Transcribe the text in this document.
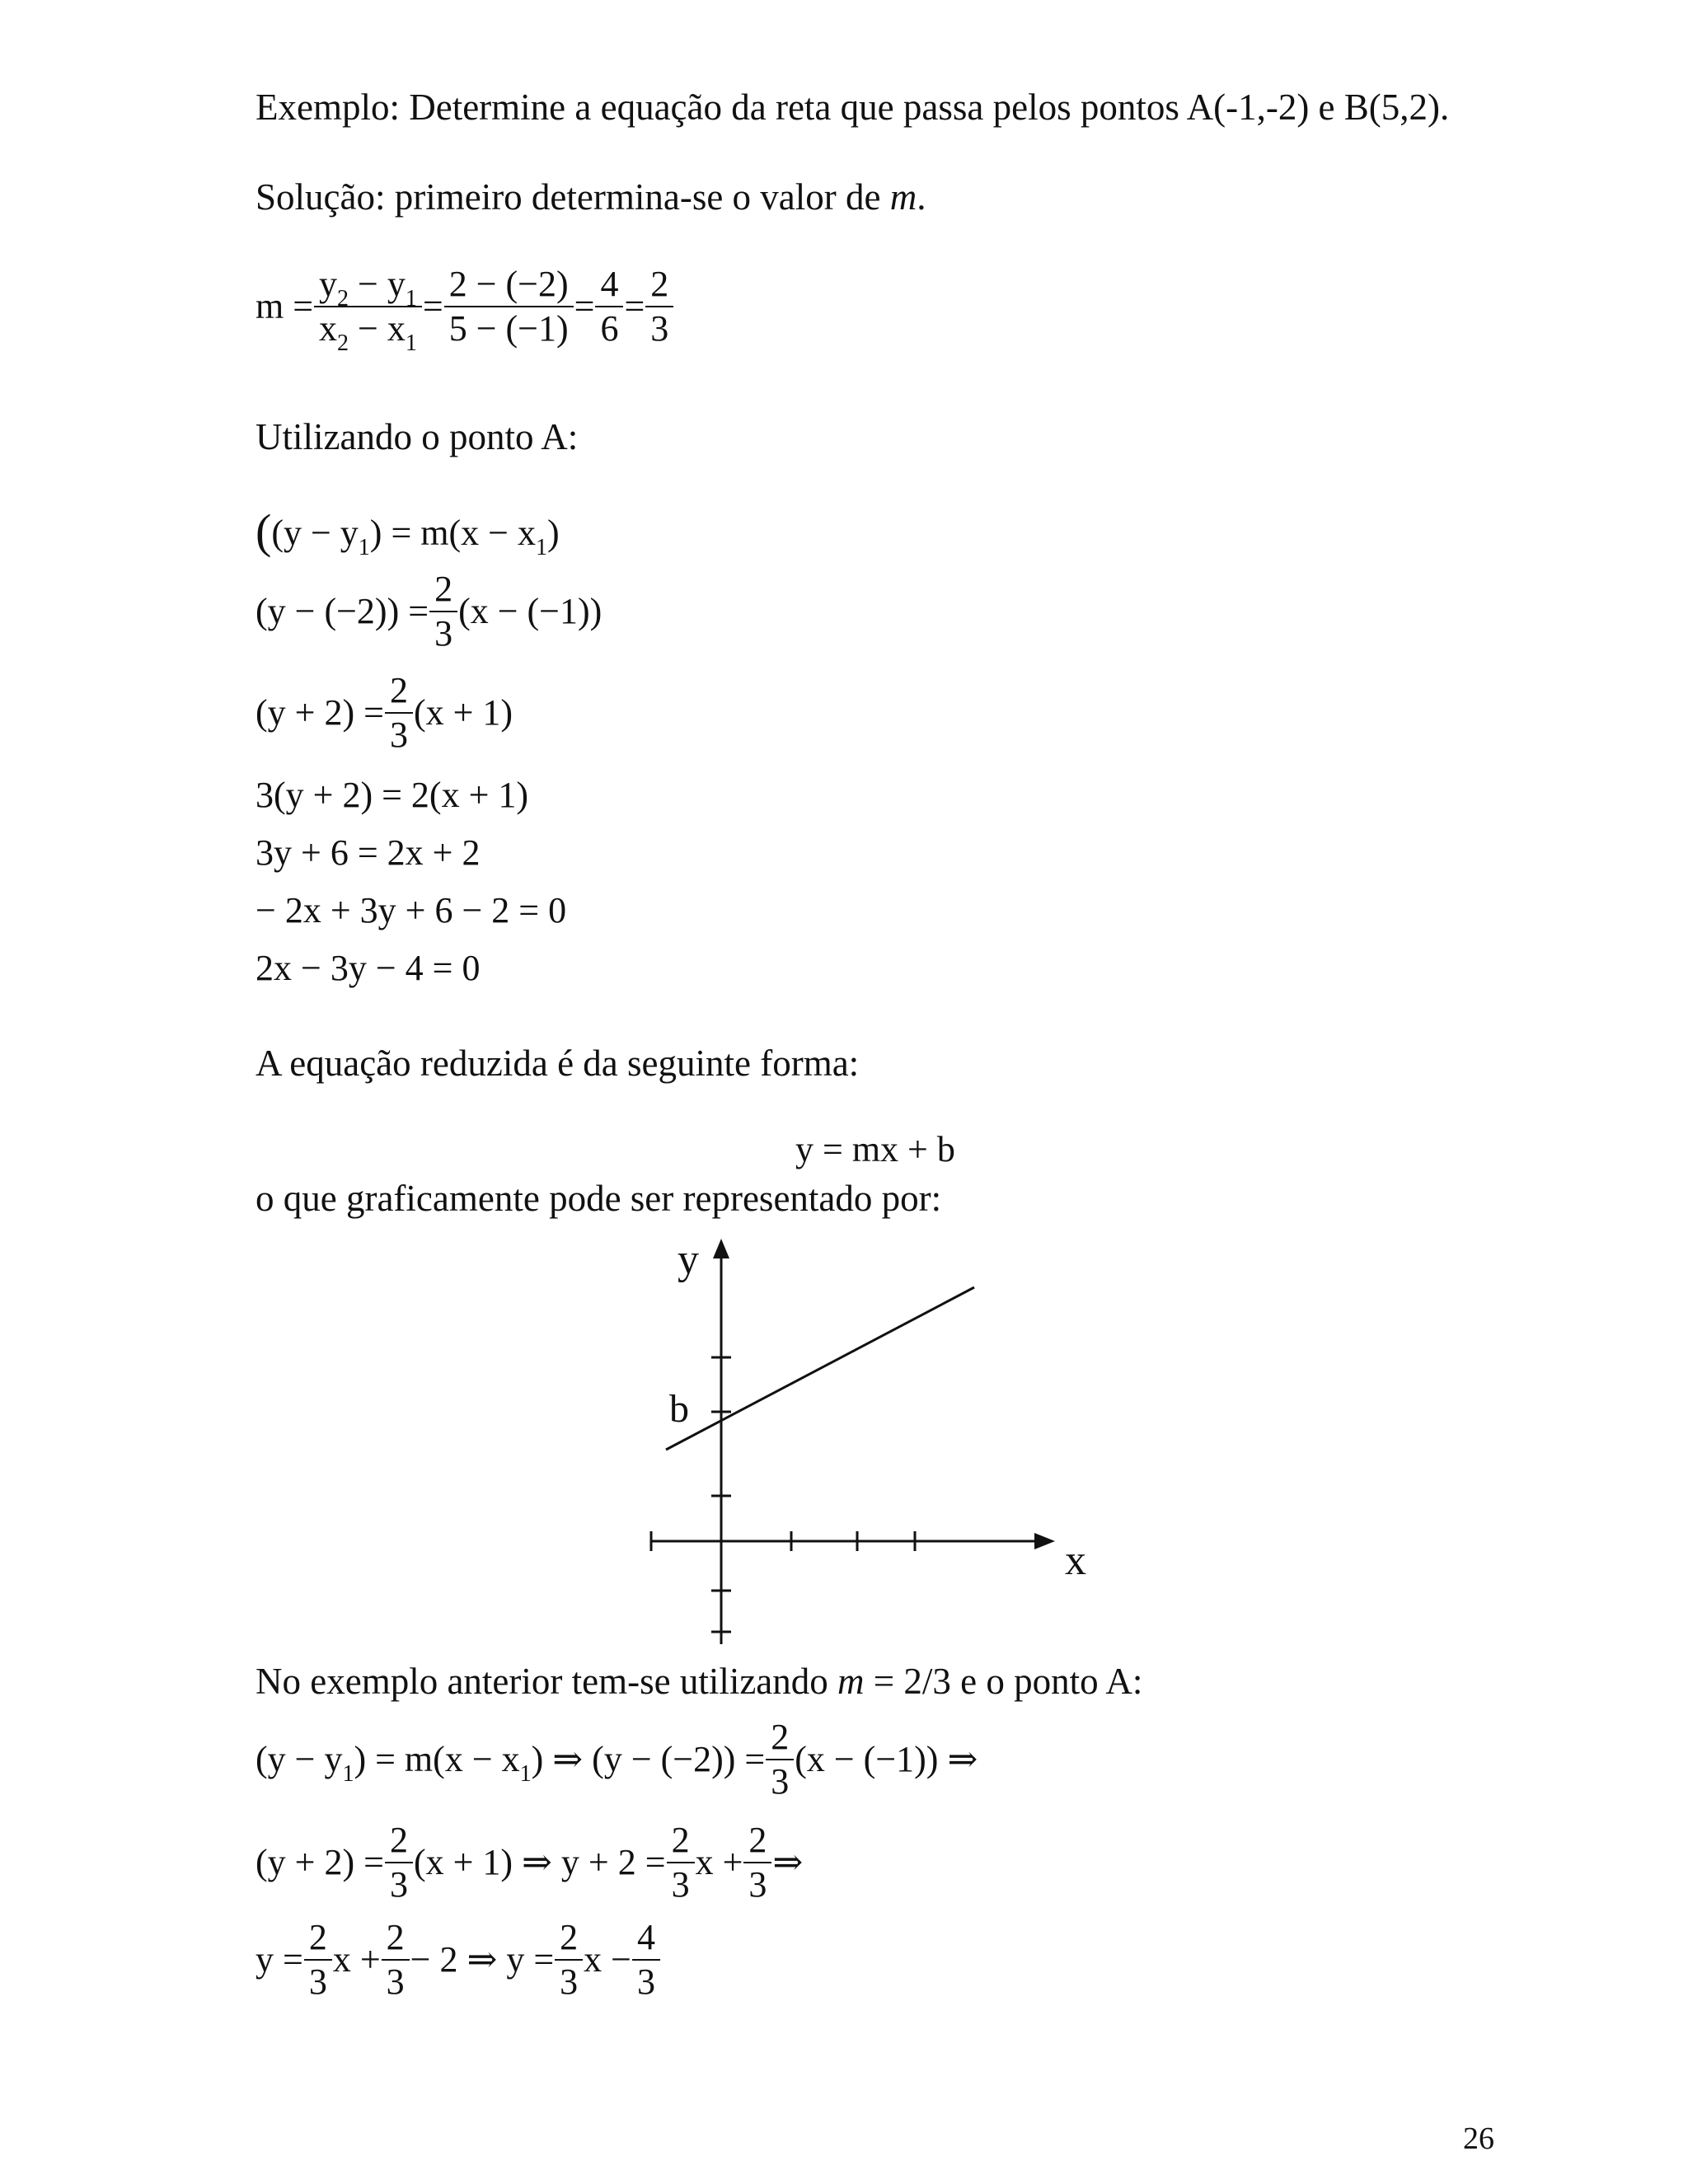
Exemplo: Determine a equação da reta que passa pelos pontos A(-1,-2) e B(5,2).
Solução: primeiro determina-se o valor de m.
$m = \frac{y_2 - y_1}{x_2 - x_1} = \frac{2 - (-2)}{5 - (-1)} = \frac{4}{6} = \frac{2}{3}$
Utilizando o ponto A:
($(y - y_1) = m(x - x_1)$
$(y - (-2)) = \frac{2}{3} (x - (-1))$
$(y + 2) = \frac{2}{3} (x + 1)$
3(y + 2) = 2(x + 1)
3y + 6 = 2x + 2
− 2x + 3y + 6 − 2 = 0
2x − 3y − 4 = 0
A equação reduzida é da seguinte forma:
y = mx + b
o que graficamente pode ser representado por:
y
b
x
No exemplo anterior tem-se utilizando m = 2/3 e o ponto A:
$(y - y_1) = m(x - x_1)$ ⇒ $(y - (-2)) = \frac{2}{3} (x - (-1))$ ⇒
$(y + 2) = \frac{2}{3} (x + 1)$ ⇒ $y + 2 = \frac{2}{3}$ $x + \frac{2}{3}$ ⇒
$y = \frac{2}{3}$ $x + \frac{2}{3} - 2$ ⇒ $y = \frac{2}{3}$ $x - \frac{4}{3}$
26
